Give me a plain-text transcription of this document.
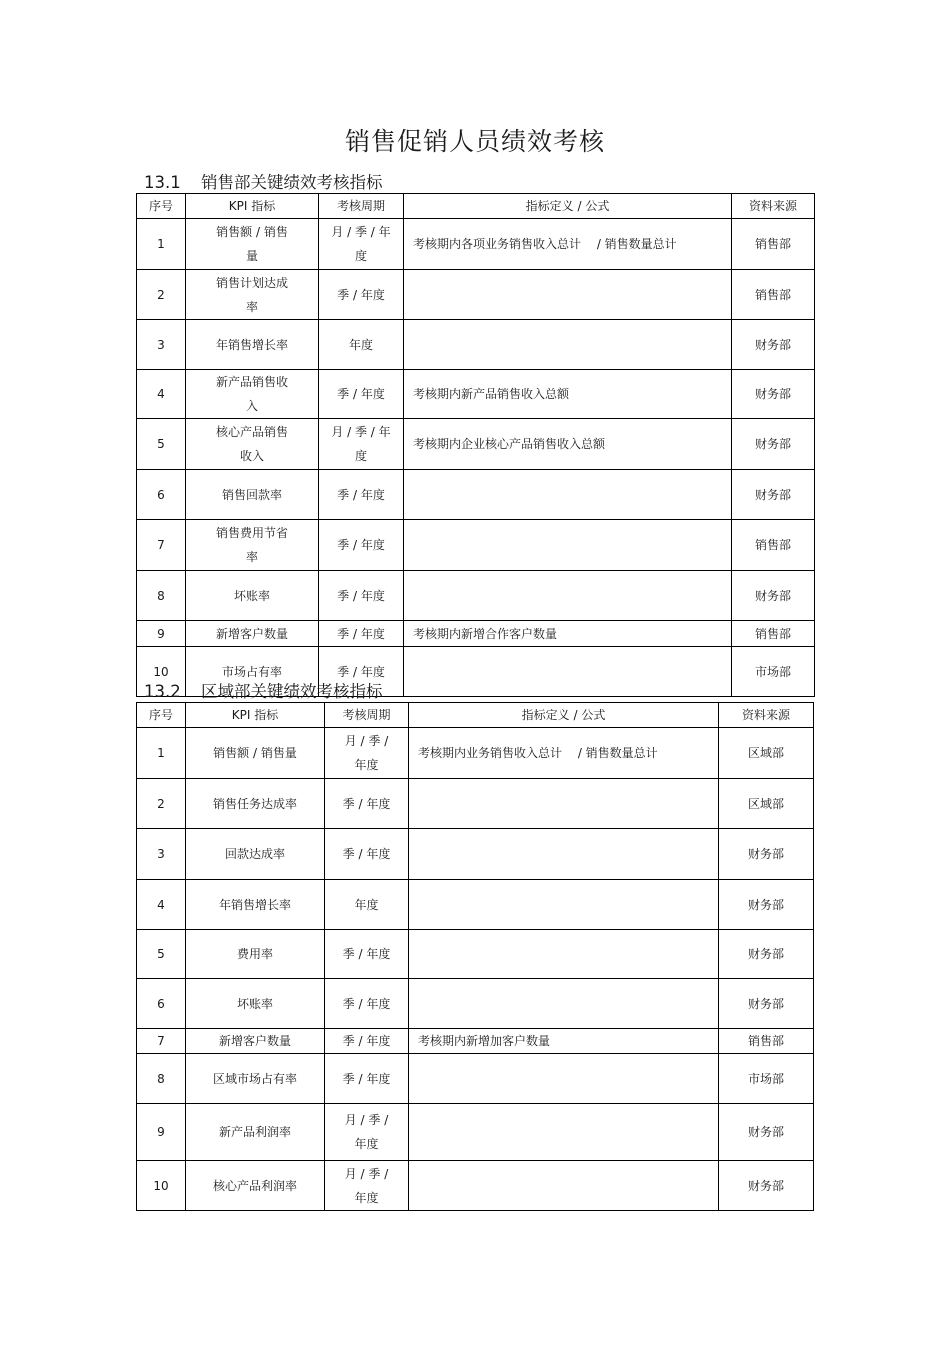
销售促销人员绩效考核
13.1 销售部关键绩效考核指标
序号	KPI 指标	考核周期	指标定义 / 公式	资料来源
1	销售额 / 销售量	月 / 季 / 年度	考核期内各项业务销售收入总计　 / 销售数量总计	销售部
2	销售计划达成率	季 / 年度		销售部
3	年销售增长率	年度		财务部
4	新产品销售收入	季 / 年度	考核期内新产品销售收入总额	财务部
5	核心产品销售收入	月 / 季 / 年度	考核期内企业核心产品销售收入总额	财务部
6	销售回款率	季 / 年度		财务部
7	销售费用节省率	季 / 年度		销售部
8	坏账率	季 / 年度		财务部
9	新增客户数量	季 / 年度	考核期内新增合作客户数量	销售部
10	市场占有率	季 / 年度		市场部
13.2 区域部关键绩效考核指标
序号	KPI 指标	考核周期	指标定义 / 公式	资料来源
1	销售额 / 销售量	月 / 季 / 年度	考核期内业务销售收入总计　 / 销售数量总计	区域部
2	销售任务达成率	季 / 年度		区域部
3	回款达成率	季 / 年度		财务部
4	年销售增长率	年度		财务部
5	费用率	季 / 年度		财务部
6	坏账率	季 / 年度		财务部
7	新增客户数量	季 / 年度	考核期内新增加客户数量	销售部
8	区域市场占有率	季 / 年度		市场部
9	新产品利润率	月 / 季 / 年度		财务部
10	核心产品利润率	月 / 季 / 年度		财务部
